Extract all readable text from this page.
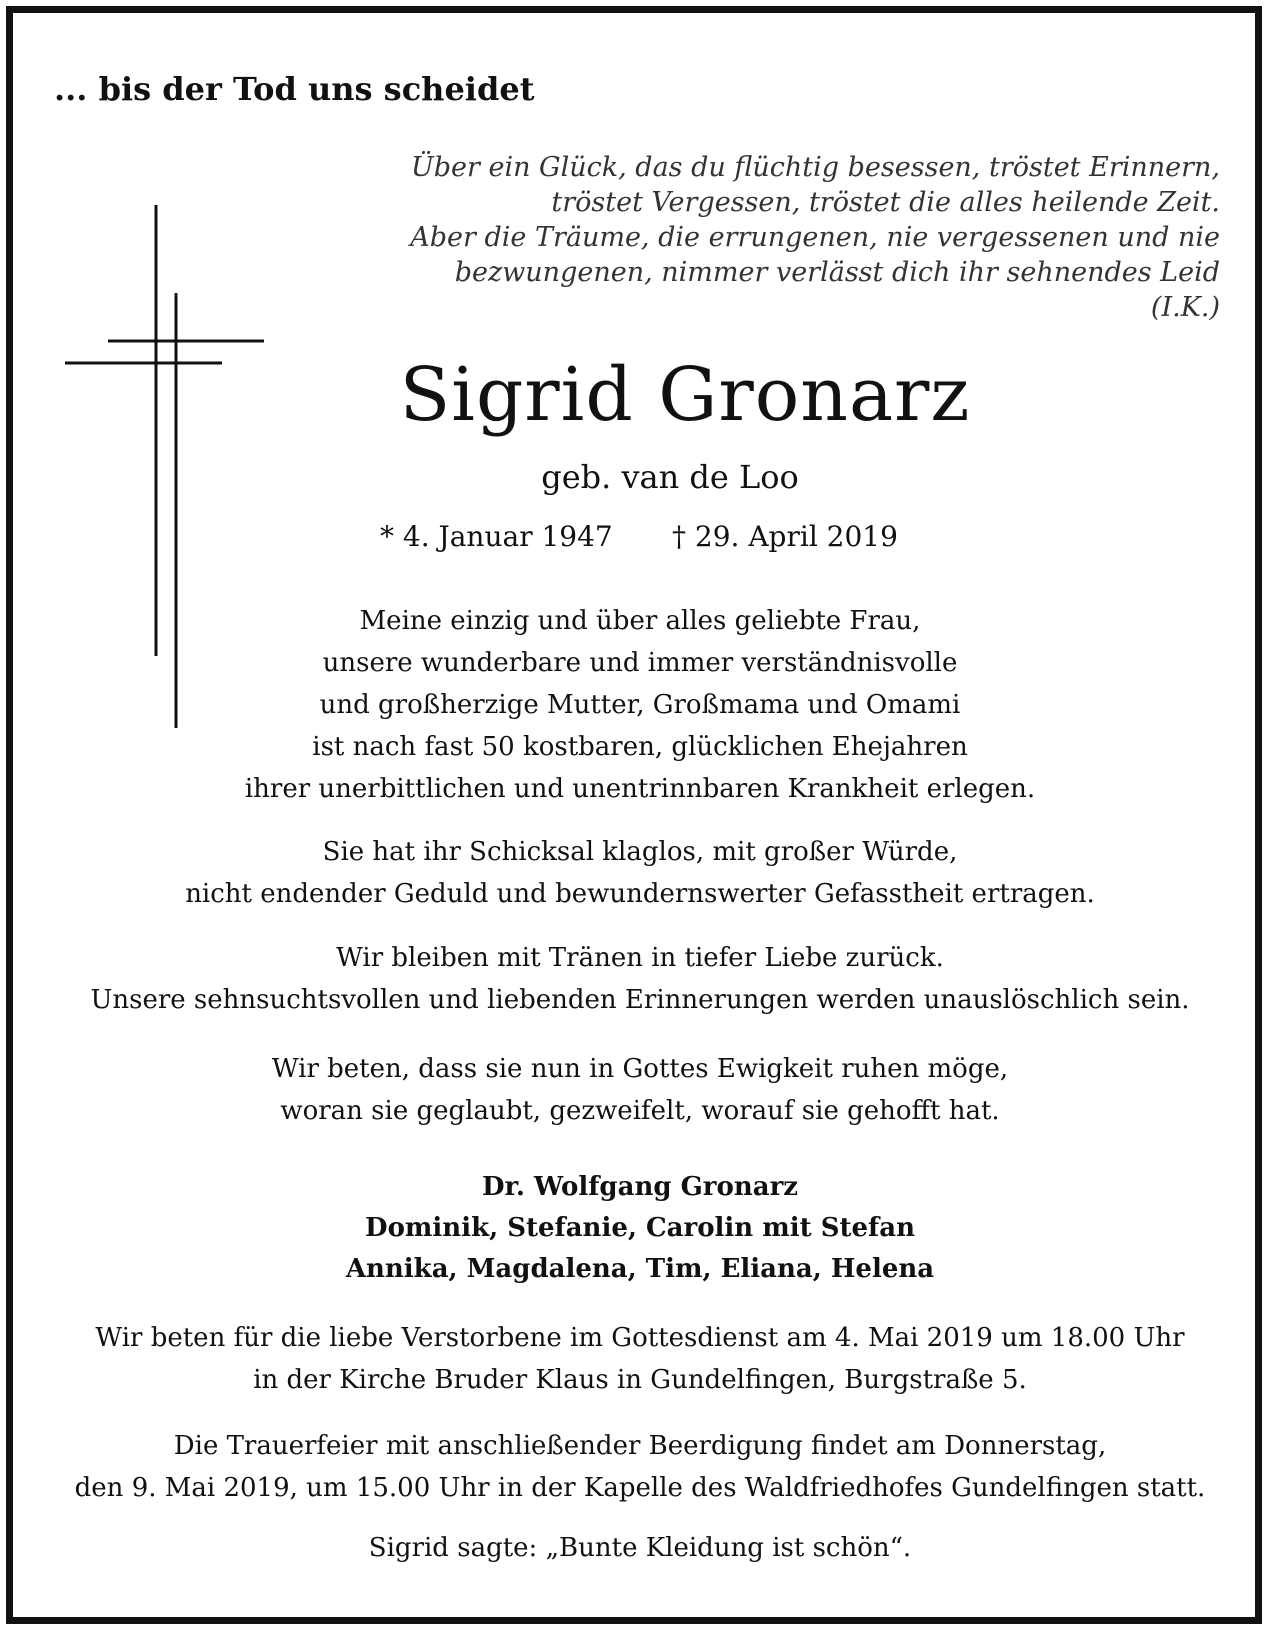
... bis der Tod uns scheidet
Über ein Glück, das du flüchtig besessen, tröstet Erinnern,
tröstet Vergessen, tröstet die alles heilende Zeit.
Aber die Träume, die errungenen, nie vergessenen und nie
bezwungenen, nimmer verlässt dich ihr sehnendes Leid
(I.K.)
Sigrid Gronarz
geb. van de Loo
* 4. Januar 1947 † 29. April 2019
Meine einzig und über alles geliebte Frau,
unsere wunderbare und immer verständnisvolle
und großherzige Mutter, Großmama und Omami
ist nach fast 50 kostbaren, glücklichen Ehejahren
ihrer unerbittlichen und unentrinnbaren Krankheit erlegen.
Sie hat ihr Schicksal klaglos, mit großer Würde,
nicht endender Geduld und bewundernswerter Gefasstheit ertragen.
Wir bleiben mit Tränen in tiefer Liebe zurück.
Unsere sehnsuchtsvollen und liebenden Erinnerungen werden unauslöschlich sein.
Wir beten, dass sie nun in Gottes Ewigkeit ruhen möge,
woran sie geglaubt, gezweifelt, worauf sie gehofft hat.
Dr. Wolfgang Gronarz
Dominik, Stefanie, Carolin mit Stefan
Annika, Magdalena, Tim, Eliana, Helena
Wir beten für die liebe Verstorbene im Gottesdienst am 4. Mai 2019 um 18.00 Uhr
in der Kirche Bruder Klaus in Gundelfingen, Burgstraße 5.
Die Trauerfeier mit anschließender Beerdigung findet am Donnerstag,
den 9. Mai 2019, um 15.00 Uhr in der Kapelle des Waldfriedhofes Gundelfingen statt.
Sigrid sagte: „Bunte Kleidung ist schön“.
